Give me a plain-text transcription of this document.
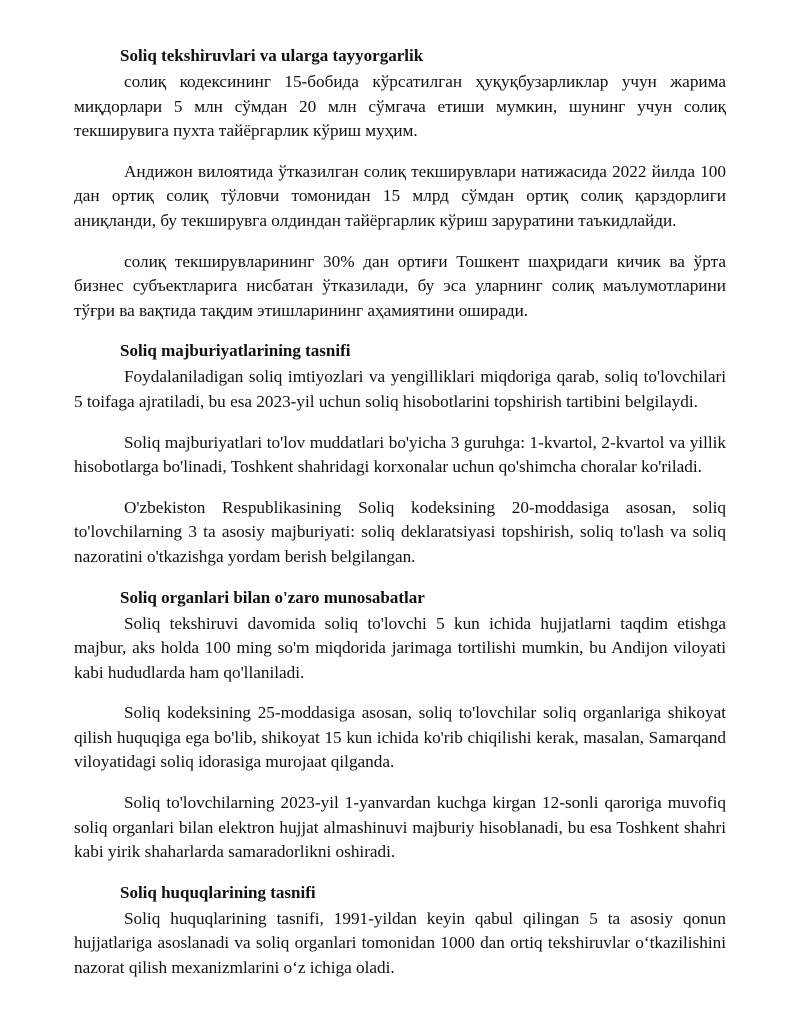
Soliq tekshiruvlari va ularga tayyorgarlik

солиқ кодексининг 15-бобида кўрсатилган ҳуқуқбузарликлар учун жарима миқдорлари 5 млн сўмдан 20 млн сўмгача етиши мумкин, шунинг учун солиқ текширувига пухта тайёргарлик кўриш муҳим.

Андижон вилоятида ўтказилган солиқ текширувлари натижасида 2022 йилда 100 дан ортиқ солиқ тўловчи томонидан 15 млрд сўмдан ортиқ солиқ қарздорлиги аниқланди, бу текширувга олдиндан тайёргарлик кўриш заруратини таъкидлайди.

солиқ текширувларининг 30% дан ортиғи Тошкент шаҳридаги кичик ва ўрта бизнес субъектларига нисбатан ўтказилади, бу эса уларнинг солиқ маълумотларини тўғри ва вақтида тақдим этишларининг аҳамиятини оширади.

Soliq majburiyatlarining tasnifi

Foydalaniladigan soliq imtiyozlari va yengilliklari miqdoriga qarab, soliq to'lovchilari 5 toifaga ajratiladi, bu esa 2023-yil uchun soliq hisobotlarini topshirish tartibini belgilaydi.

Soliq majburiyatlari to'lov muddatlari bo'yicha 3 guruhga: 1-kvartol, 2-kvartol va yillik hisobotlarga bo'linadi, Toshkent shahridagi korxonalar uchun qo'shimcha choralar ko'riladi.

O'zbekiston Respublikasining Soliq kodeksining 20-moddasiga asosan, soliq to'lovchilarning 3 ta asosiy majburiyati: soliq deklaratsiyasi topshirish, soliq to'lash va soliq nazoratini o'tkazishga yordam berish belgilangan.

Soliq organlari bilan o'zaro munosabatlar

Soliq tekshiruvi davomida soliq to'lovchi 5 kun ichida hujjatlarni taqdim etishga majbur, aks holda 100 ming so'm miqdorida jarimaga tortilishi mumkin, bu Andijon viloyati kabi hududlarda ham qo'llaniladi.

Soliq kodeksining 25-moddasiga asosan, soliq to'lovchilar soliq organlariga shikoyat qilish huquqiga ega bo'lib, shikoyat 15 kun ichida ko'rib chiqilishi kerak, masalan, Samarqand viloyatidagi soliq idorasiga murojaat qilganda.

Soliq to'lovchilarning 2023-yil 1-yanvardan kuchga kirgan 12-sonli qaroriga muvofiq soliq organlari bilan elektron hujjat almashinuvi majburiy hisoblanadi, bu esa Toshkent shahri kabi yirik shaharlarda samaradorlikni oshiradi.

Soliq huquqlarining tasnifi

Soliq huquqlarining tasnifi, 1991-yildan keyin qabul qilingan 5 ta asosiy qonun hujjatlariga asoslanadi va soliq organlari tomonidan 1000 dan ortiq tekshiruvlar o‘tkazilishini nazorat qilish mexanizmlarini o‘z ichiga oladi.
